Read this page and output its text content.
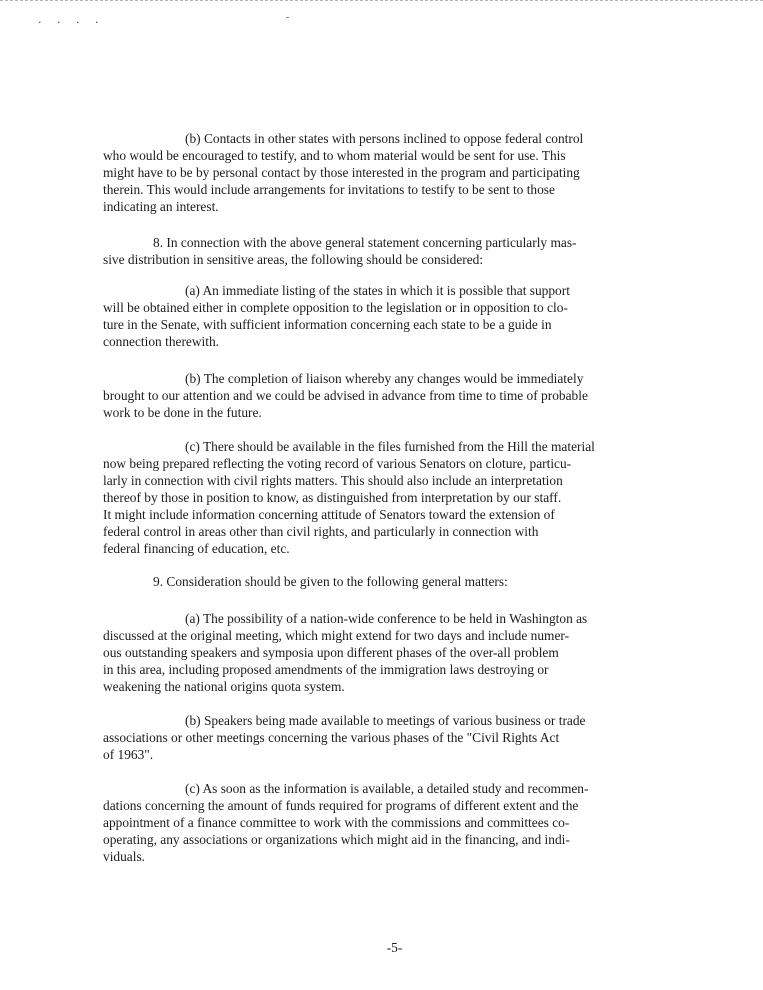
· · · ·
(b) Contacts in other states with persons inclined to oppose federal control
who would be encouraged to testify, and to whom material would be sent for use. This
might have to be by personal contact by those interested in the program and participating
therein. This would include arrangements for invitations to testify to be sent to those
indicating an interest.
8. In connection with the above general statement concerning particularly mas-
sive distribution in sensitive areas, the following should be considered:
(a) An immediate listing of the states in which it is possible that support
will be obtained either in complete opposition to the legislation or in opposition to clo-
ture in the Senate, with sufficient information concerning each state to be a guide in
connection therewith.
(b) The completion of liaison whereby any changes would be immediately
brought to our attention and we could be advised in advance from time to time of probable
work to be done in the future.
(c) There should be available in the files furnished from the Hill the material
now being prepared reflecting the voting record of various Senators on cloture, particu-
larly in connection with civil rights matters. This should also include an interpretation
thereof by those in position to know, as distinguished from interpretation by our staff.
It might include information concerning attitude of Senators toward the extension of
federal control in areas other than civil rights, and particularly in connection with
federal financing of education, etc.
9. Consideration should be given to the following general matters:
(a) The possibility of a nation-wide conference to be held in Washington as
discussed at the original meeting, which might extend for two days and include numer-
ous outstanding speakers and symposia upon different phases of the over-all problem
in this area, including proposed amendments of the immigration laws destroying or
weakening the national origins quota system.
(b) Speakers being made available to meetings of various business or trade
associations or other meetings concerning the various phases of the "Civil Rights Act
of 1963".
(c) As soon as the information is available, a detailed study and recommen-
dations concerning the amount of funds required for programs of different extent and the
appointment of a finance committee to work with the commissions and committees co-
operating, any associations or organizations which might aid in the financing, and indi-
viduals.
-5-
